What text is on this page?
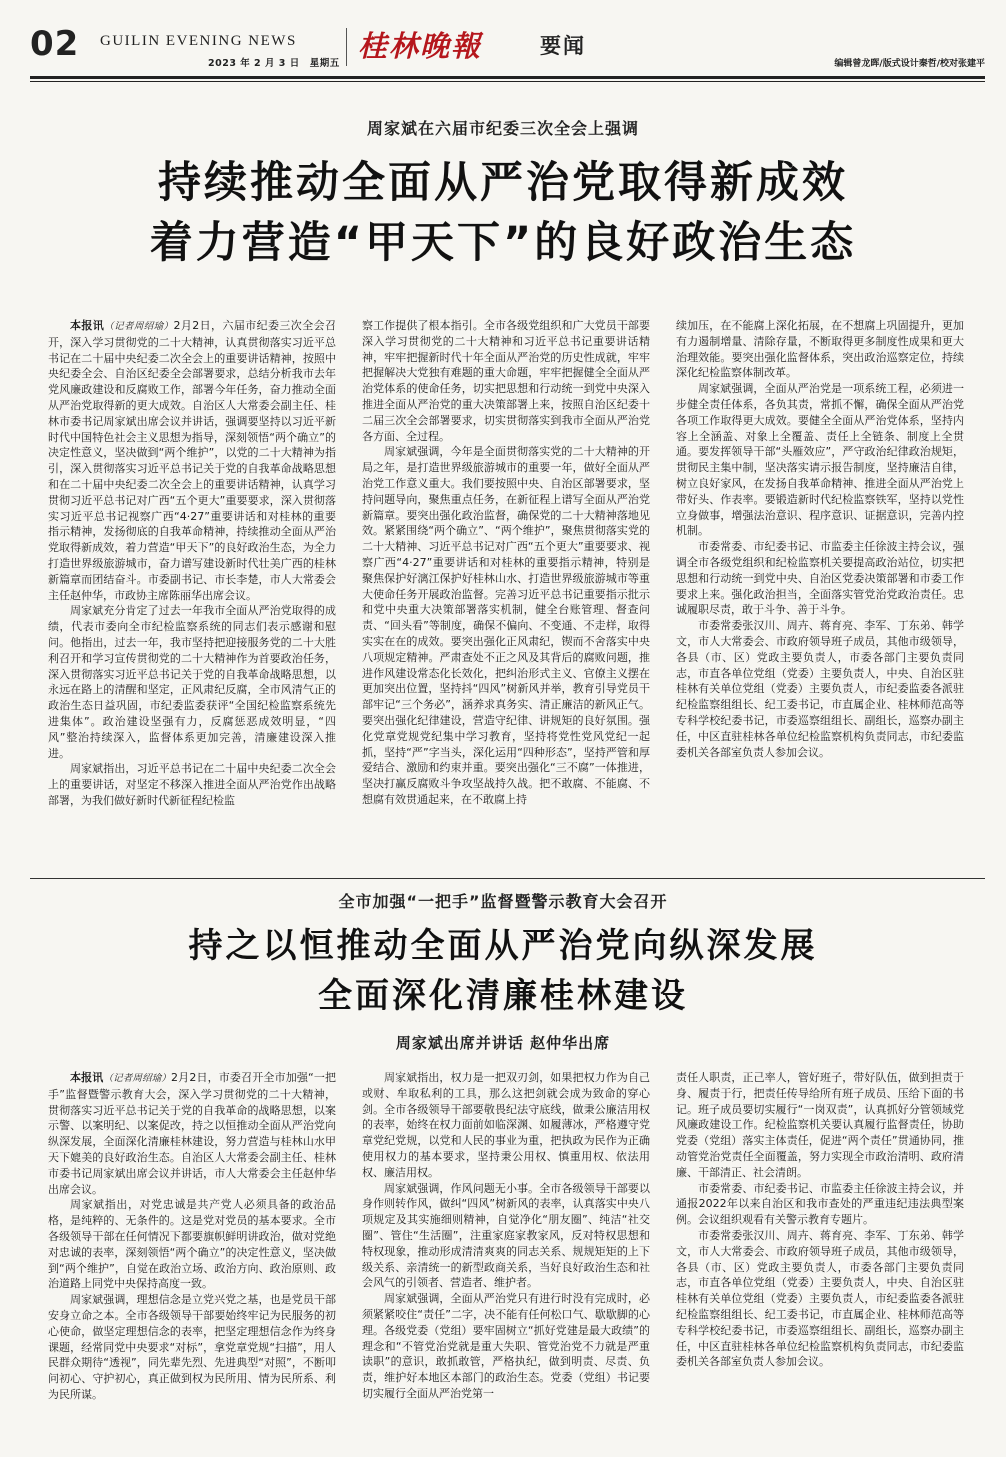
02 GUILIN EVENING NEWS
2023 年 2 月 3 日　星期五
桂林晚報	要闻
编辑曾龙晖/版式设计秦哲/校对张建平
周家斌在六届市纪委三次全会上强调
持续推动全面从严治党取得新成效
着力营造“甲天下”的良好政治生态

本报讯（记者周绍瑜）2月2日，六届市纪委三次全会召开，深入学习贯彻党的二十大精神，认真贯彻落实习近平总书记在二十届中央纪委二次全会上的重要讲话精神，按照中央纪委全会、自治区纪委全会部署要求，总结分析我市去年党风廉政建设和反腐败工作，部署今年任务，奋力推动全面从严治党取得新的更大成效。自治区人大常委会副主任、桂林市委书记周家斌出席会议并讲话，强调要坚持以习近平新时代中国特色社会主义思想为指导，深刻领悟“两个确立”的决定性意义，坚决做到“两个维护”，以党的二十大精神为指引，深入贯彻落实习近平总书记关于党的自我革命战略思想和在二十届中央纪委二次全会上的重要讲话精神，认真学习贯彻习近平总书记对广西“五个更大”重要要求，深入贯彻落实习近平总书记视察广西“4·27”重要讲话和对桂林的重要指示精神，发扬彻底的自我革命精神，持续推动全面从严治党取得新成效，着力营造“甲天下”的良好政治生态，为全力打造世界级旅游城市，奋力谱写建设新时代壮美广西的桂林新篇章而团结奋斗。市委副书记、市长李楚，市人大常委会主任赵仲华，市政协主席陈丽华出席会议。

周家斌充分肯定了过去一年我市全面从严治党取得的成绩，代表市委向全市纪检监察系统的同志们表示感谢和慰问。他指出，过去一年，我市坚持把迎接服务党的二十大胜利召开和学习宣传贯彻党的二十大精神作为首要政治任务，深入贯彻落实习近平总书记关于党的自我革命战略思想，以永远在路上的清醒和坚定，正风肃纪反腐，全市风清气正的政治生态日益巩固，市纪委监委获评“全国纪检监察系统先进集体”。政治建设坚强有力，反腐惩恶成效明显，“四风”整治持续深入，监督体系更加完善，清廉建设深入推进。

周家斌指出，习近平总书记在二十届中央纪委二次全会上的重要讲话，对坚定不移深入推进全面从严治党作出战略部署，为我们做好新时代新征程纪检监

察工作提供了根本指引。全市各级党组织和广大党员干部要深入学习贯彻党的二十大精神和习近平总书记重要讲话精神，牢牢把握新时代十年全面从严治党的历史性成就，牢牢把握解决大党独有难题的重大命题，牢牢把握健全全面从严治党体系的使命任务，切实把思想和行动统一到党中央深入推进全面从严治党的重大决策部署上来，按照自治区纪委十二届三次全会部署要求，切实贯彻落实到我市全面从严治党各方面、全过程。

周家斌强调，今年是全面贯彻落实党的二十大精神的开局之年，是打造世界级旅游城市的重要一年，做好全面从严治党工作意义重大。我们要按照中央、自治区部署要求，坚持问题导向，聚焦重点任务，在新征程上谱写全面从严治党新篇章。要突出强化政治监督，确保党的二十大精神落地见效。紧紧围绕“两个确立”、“两个维护”，聚焦贯彻落实党的二十大精神、习近平总书记对广西“五个更大”重要要求、视察广西“4·27”重要讲话和对桂林的重要指示精神，特别是聚焦保护好漓江保护好桂林山水、打造世界级旅游城市等重大使命任务开展政治监督。完善习近平总书记重要指示批示和党中央重大决策部署落实机制，健全台账管理、督查问责、“回头看”等制度，确保不偏向、不变通、不走样，取得实实在在的成效。要突出强化正风肃纪，锲而不舍落实中央八项规定精神。严肃查处不正之风及其背后的腐败问题，推进作风建设常态化长效化，把纠治形式主义、官僚主义摆在更加突出位置，坚持抖“四风”树新风并举，教育引导党员干部牢记“三个务必”，涵养求真务实、清正廉洁的新风正气。要突出强化纪律建设，营造守纪律、讲规矩的良好氛围。强化党章党规党纪集中学习教育，坚持将党性党风党纪一起抓，坚持“严”字当头，深化运用“四种形态”，坚持严管和厚爱结合、激励和约束并重。要突出强化“三不腐”一体推进，坚决打赢反腐败斗争攻坚战持久战。把不敢腐、不能腐、不想腐有效贯通起来，在不敢腐上持

续加压，在不能腐上深化拓展，在不想腐上巩固提升，更加有力遏制增量、清除存量，不断取得更多制度性成果和更大治理效能。要突出强化监督体系，突出政治巡察定位，持续深化纪检监察体制改革。

周家斌强调，全面从严治党是一项系统工程，必须进一步健全责任体系，各负其责，常抓不懈，确保全面从严治党各项工作取得更大成效。要健全全面从严治党体系，坚持内容上全涵盖、对象上全覆盖、责任上全链条、制度上全贯通。要发挥领导干部“头雁效应”，严守政治纪律政治规矩，贯彻民主集中制，坚决落实请示报告制度，坚持廉洁自律，树立良好家风，在发扬自我革命精神、推进全面从严治党上带好头、作表率。要锻造新时代纪检监察铁军，坚持以党性立身做事，增强法治意识、程序意识、证据意识，完善内控机制。

市委常委、市纪委书记、市监委主任徐波主持会议，强调全市各级党组织和纪检监察机关要提高政治站位，切实把思想和行动统一到党中央、自治区党委决策部署和市委工作要求上来。强化政治担当，全面落实管党治党政治责任。忠诚履职尽责，敢于斗争、善于斗争。

市委常委张汉川、周卉、蒋育亮、李军、丁东弟、韩学文，市人大常委会、市政府领导班子成员，其他市级领导，各县（市、区）党政主要负责人，市委各部门主要负责同志，市直各单位党组（党委）主要负责人，中央、自治区驻桂林有关单位党组（党委）主要负责人，市纪委监委各派驻纪检监察组组长、纪工委书记，市直属企业、桂林师范高等专科学校纪委书记，市委巡察组组长、副组长，巡察办副主任，中区直驻桂林各单位纪检监察机构负责同志，市纪委监委机关各部室负责人参加会议。

全市加强“一把手”监督暨警示教育大会召开
持之以恒推动全面从严治党向纵深发展
全面深化清廉桂林建设
周家斌出席并讲话 赵仲华出席

本报讯（记者周绍瑜）2月2日，市委召开全市加强“一把手”监督暨警示教育大会，深入学习贯彻党的二十大精神，贯彻落实习近平总书记关于党的自我革命的战略思想，以案示警、以案明纪、以案促改，持之以恒推动全面从严治党向纵深发展，全面深化清廉桂林建设，努力营造与桂林山水甲天下媲美的良好政治生态。自治区人大常委会副主任、桂林市委书记周家斌出席会议并讲话，市人大常委会主任赵仲华出席会议。

周家斌指出，对党忠诚是共产党人必须具备的政治品格，是纯粹的、无条件的。这是党对党员的基本要求。全市各级领导干部在任何情况下都要旗帜鲜明讲政治，做对党绝对忠诚的表率，深刻领悟“两个确立”的决定性意义，坚决做到“两个维护”，自觉在政治立场、政治方向、政治原则、政治道路上同党中央保持高度一致。

周家斌强调，理想信念是立党兴党之基，也是党员干部安身立命之本。全市各级领导干部要始终牢记为民服务的初心使命，做坚定理想信念的表率，把坚定理想信念作为终身课题，经常同党中央要求“对标”，拿党章党规“扫描”，用人民群众期待“透视”，同先辈先烈、先进典型“对照”，不断叩问初心、守护初心，真正做到权为民所用、情为民所系、利为民所谋。

周家斌指出，权力是一把双刃剑，如果把权力作为自己或财、牟取私利的工具，那么这把剑就会成为致命的穿心剑。全市各级领导干部要敬畏纪法守底线，做秉公廉洁用权的表率，始终在权力面前如临深渊、如履薄冰，严格遵守党章党纪党规，以党和人民的事业为重，把执政为民作为正确使用权力的基本要求，坚持秉公用权、慎重用权、依法用权、廉洁用权。

周家斌强调，作风问题无小事。全市各级领导干部要以身作则转作风，做纠“四风”树新风的表率，认真落实中央八项规定及其实施细则精神，自觉净化“朋友圈”、纯洁“社交圈”、管住“生活圈”，注重家庭家教家风，反对特权思想和特权现象，推动形成清清爽爽的同志关系、规规矩矩的上下级关系、亲清统一的新型政商关系，当好良好政治生态和社会风气的引领者、营造者、维护者。

周家斌强调，全面从严治党只有进行时没有完成时，必须紧紧咬住“责任”二字，决不能有任何松口气、歇歇脚的心理。各级党委（党组）要牢固树立“抓好党建是最大政绩”的理念和“不管党治党就是重大失职、管党治党不力就是严重读职”的意识，敢抓敢管，严格执纪，做到明责、尽责、负责，维护好本地区本部门的政治生态。党委（党组）书记要切实履行全面从严治党第一

责任人职责，正己率人，管好班子，带好队伍，做到担责于身、履责于行，把责任传导给所有班子成员、压给下面的书记。班子成员要切实履行“一岗双责”，认真抓好分管领域党风廉政建设工作。纪检监察机关要认真履行监督责任，协助党委（党组）落实主体责任，促进“两个责任”贯通协同，推动管党治党责任全面覆盖，努力实现全市政治清明、政府清廉、干部清正、社会清朗。

市委常委、市纪委书记、市监委主任徐波主持会议，并通报2022年以来自治区和我市查处的严重违纪违法典型案例。会议组织观看有关警示教育专题片。

市委常委张汉川、周卉、蒋育亮、李军、丁东弟、韩学文，市人大常委会、市政府领导班子成员，其他市级领导，各县（市、区）党政主要负责人，市委各部门主要负责同志，市直各单位党组（党委）主要负责人，中央、自治区驻桂林有关单位党组（党委）主要负责人，市纪委监委各派驻纪检监察组组长、纪工委书记，市直属企业、桂林师范高等专科学校纪委书记，市委巡察组组长、副组长，巡察办副主任，中区直驻桂林各单位纪检监察机构负责同志，市纪委监委机关各部室负责人参加会议。
